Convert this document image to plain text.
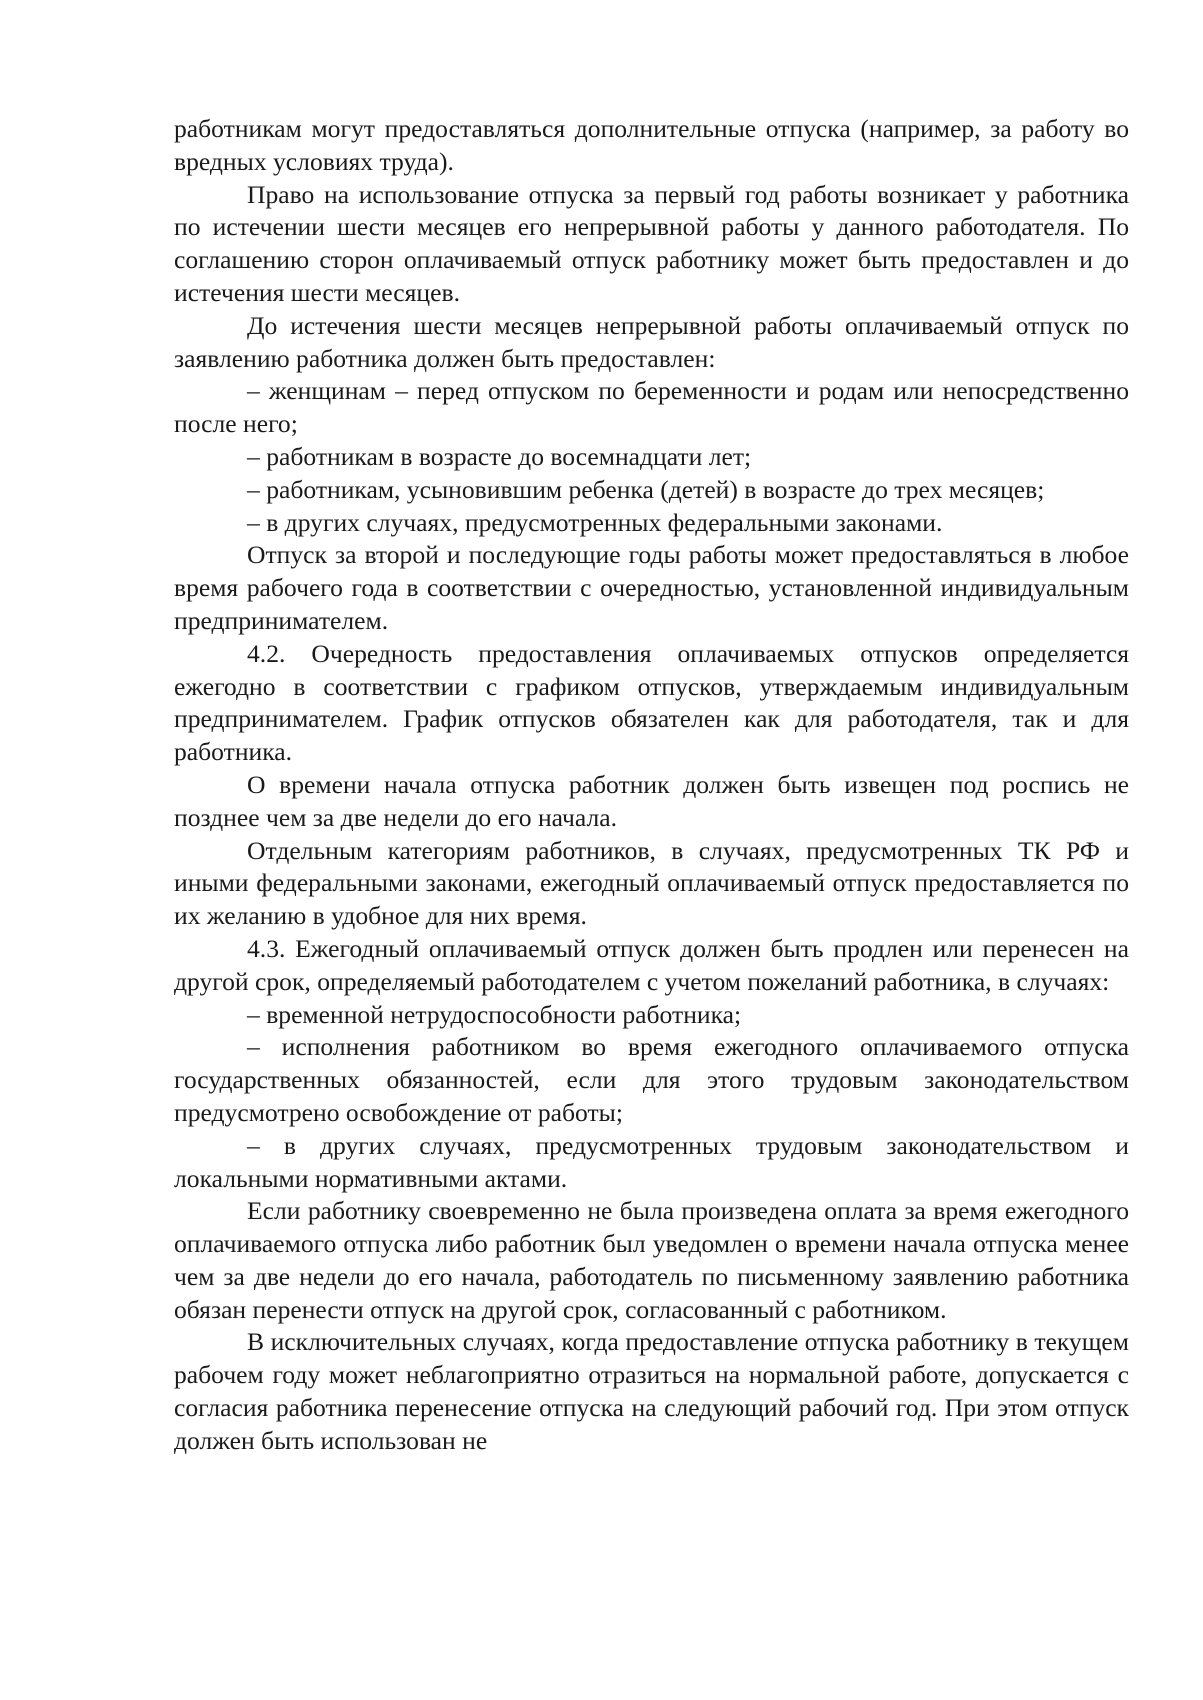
работникам могут предоставляться дополнительные отпуска (например, за работу во вредных условиях труда).

Право на использование отпуска за первый год работы возникает у работника по истечении шести месяцев его непрерывной работы у данного работодателя. По соглашению сторон оплачиваемый отпуск работнику может быть предоставлен и до истечения шести месяцев.

До истечения шести месяцев непрерывной работы оплачиваемый отпуск по заявлению работника должен быть предоставлен:

– женщинам – перед отпуском по беременности и родам или непосредственно после него;

– работникам в возрасте до восемнадцати лет;

– работникам, усыновившим ребенка (детей) в возрасте до трех месяцев;

– в других случаях, предусмотренных федеральными законами.

Отпуск за второй и последующие годы работы может предоставляться в любое время рабочего года в соответствии с очередностью, установленной индивидуальным предпринимателем.

4.2. Очередность предоставления оплачиваемых отпусков определяется ежегодно в соответствии с графиком отпусков, утверждаемым индивидуальным предпринимателем. График отпусков обязателен как для работодателя, так и для работника.

О времени начала отпуска работник должен быть извещен под роспись не позднее чем за две недели до его начала.

Отдельным категориям работников, в случаях, предусмотренных ТК РФ и иными федеральными законами, ежегодный оплачиваемый отпуск предоставляется по их желанию в удобное для них время.

4.3. Ежегодный оплачиваемый отпуск должен быть продлен или перенесен на другой срок, определяемый работодателем с учетом пожеланий работника, в случаях:

– временной нетрудоспособности работника;

– исполнения работником во время ежегодного оплачиваемого отпуска государственных обязанностей, если для этого трудовым законодательством предусмотрено освобождение от работы;

– в других случаях, предусмотренных трудовым законодательством и локальными нормативными актами.

Если работнику своевременно не была произведена оплата за время ежегодного оплачиваемого отпуска либо работник был уведомлен о времени начала отпуска менее чем за две недели до его начала, работодатель по письменному заявлению работника обязан перенести отпуск на другой срок, согласованный с работником.

В исключительных случаях, когда предоставление отпуска работнику в текущем рабочем году может неблагоприятно отразиться на нормальной работе, допускается с согласия работника перенесение отпуска на следующий рабочий год. При этом отпуск должен быть использован не
